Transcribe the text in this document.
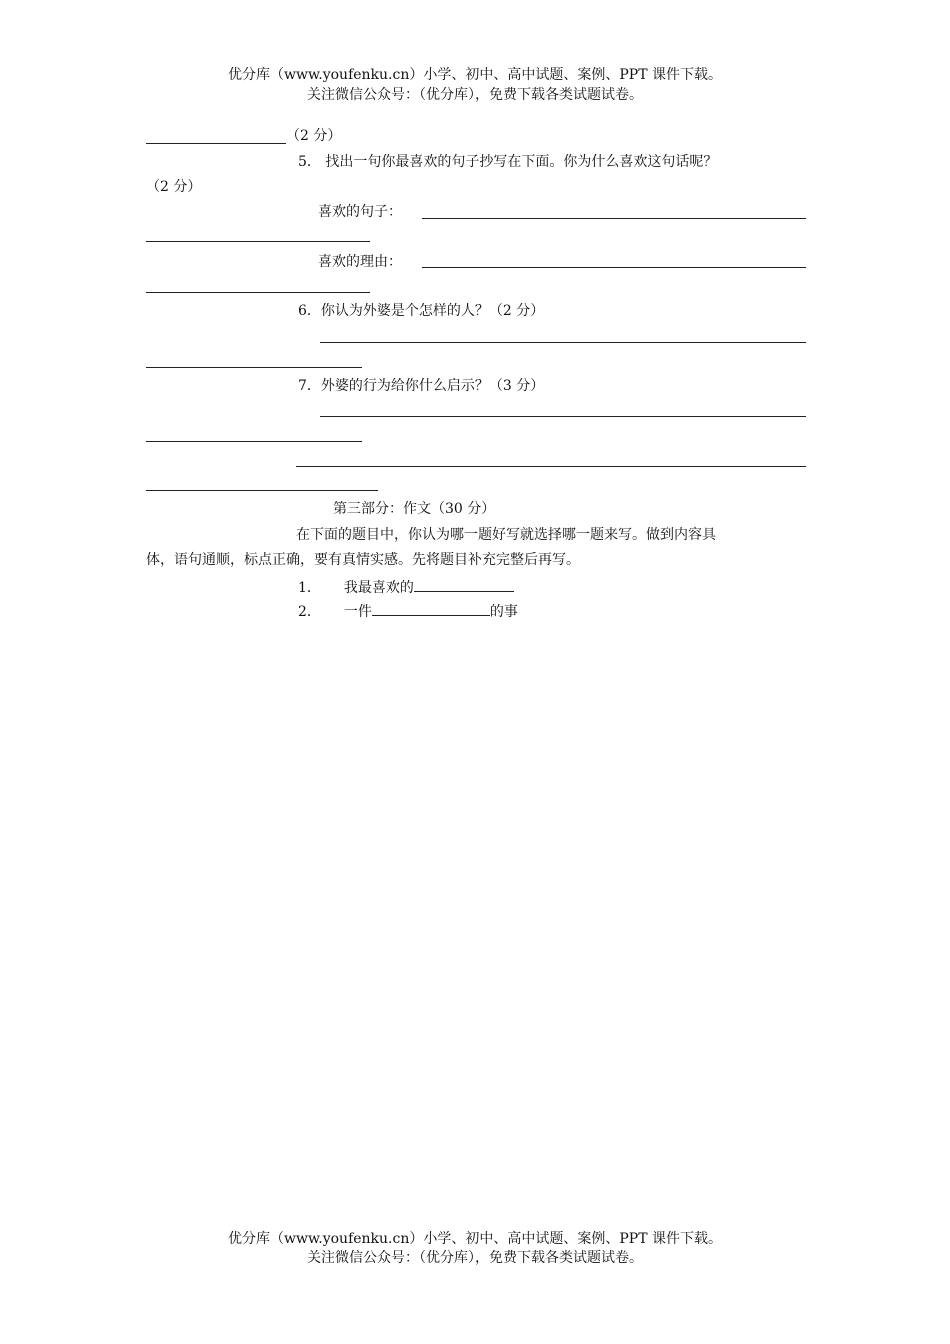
优分库（www.youfenku.cn）小学、初中、高中试题、案例、PPT 课件下载。
关注微信公众号：（优分库），免费下载各类试题试卷。
（2 分）
5． 找出一句你最喜欢的句子抄写在下面。你为什么喜欢这句话呢？
（2 分）
喜欢的句子：
喜欢的理由：
6．你认为外婆是个怎样的人？（2 分）
7．外婆的行为给你什么启示？（3 分）
第三部分：作文（30 分）
在下面的题目中，你认为哪一题好写就选择哪一题来写。做到内容具
体，语句通顺，标点正确，要有真情实感。先将题目补充完整后再写。
1． 我最喜欢的
2． 一件	的事
优分库（www.youfenku.cn）小学、初中、高中试题、案例、PPT 课件下载。
关注微信公众号：（优分库），免费下载各类试题试卷。
